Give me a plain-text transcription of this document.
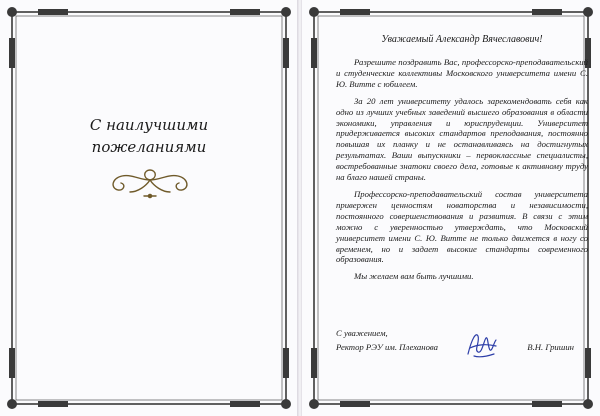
С наилучшими
пожеланиями

Уважаемый Александр Вячеславович!

Разрешите поздравить Вас, профессорско-преподавательский и студенческие коллективы Московского университета имени С. Ю. Витте с юбилеем.

За 20 лет университету удалось зарекомендовать себя как одно из лучших учебных заведений высшего образования в области экономики, управления и юриспруденции. Университет придерживается высоких стандартов преподавания, постоянно повышая их планку и не останавливаясь на достигнутых результатах. Ваши выпускники – первоклассные специалисты, востребованные знатоки своего дела, готовые к активному труду на благо нашей страны.

Профессорско-преподавательский состав университета привержен ценностям новаторства и независимости, постоянного совершенствования и развития. В связи с этим можно с уверенностью утверждать, что Московский университет имени С. Ю. Витте не только движется в ногу со временем, но и задает высокие стандарты современного образования.

Мы желаем вам быть лучшими.

С уважением,
Ректор РЭУ им. Плеханова	В.Н. Гришин
